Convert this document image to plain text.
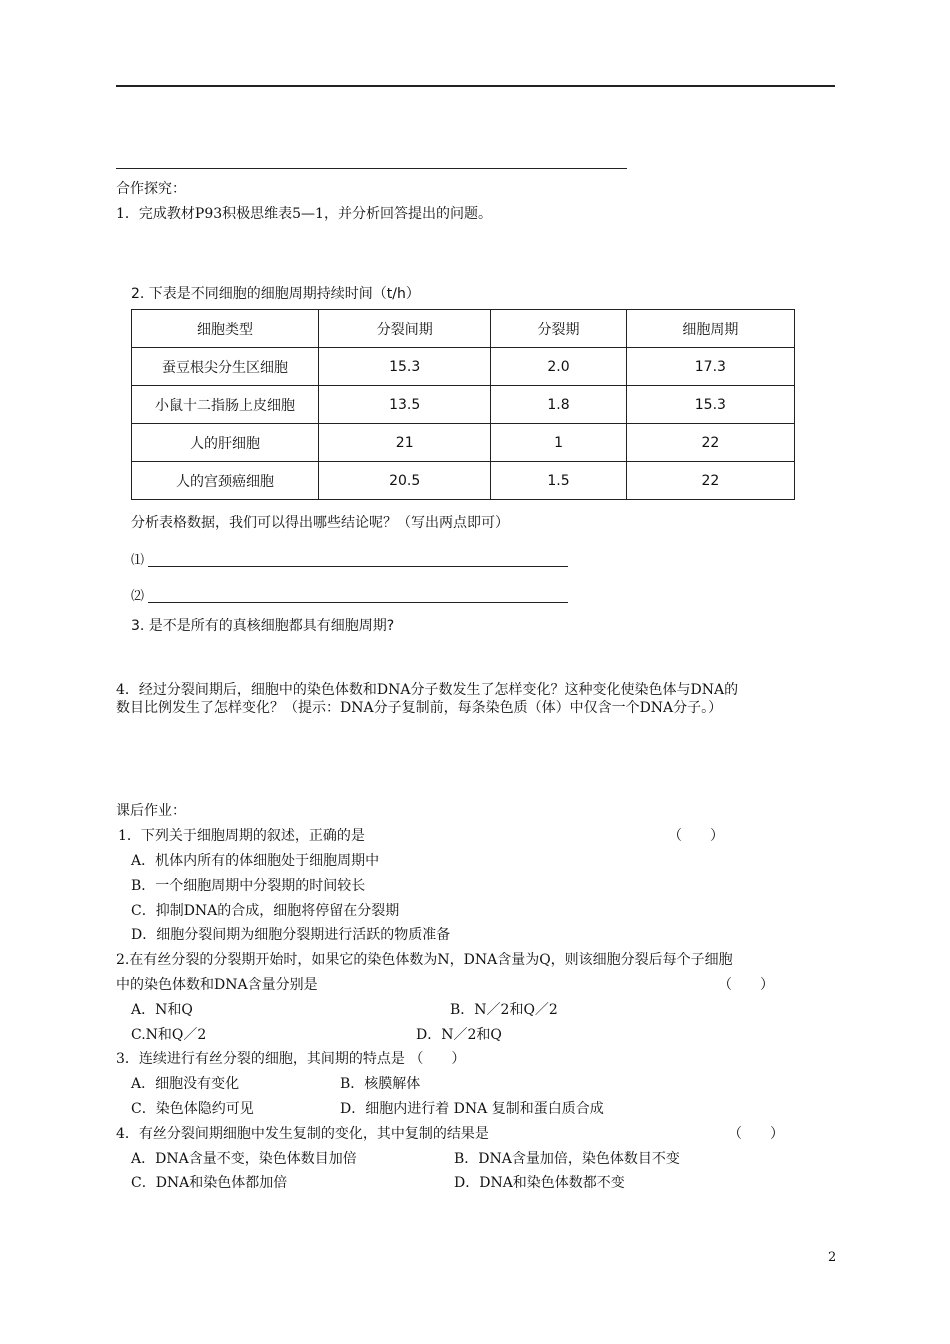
合作探究：
1．完成教材P93积极思维表5—1，并分析回答提出的问题。
2. 下表是不同细胞的细胞周期持续时间（t/h）
细胞类型	分裂间期	分裂期	细胞周期
蚕豆根尖分生区细胞	15.3	2.0	17.3
小鼠十二指肠上皮细胞	13.5	1.8	15.3
人的肝细胞	21	1	22
人的宫颈癌细胞	20.5	1.5	22
分析表格数据，我们可以得出哪些结论呢？（写出两点即可）
⑴
⑵
3. 是不是所有的真核细胞都具有细胞周期?
4．经过分裂间期后，细胞中的染色体数和DNA分子数发生了怎样变化？这种变化使染色体与DNA的
数目比例发生了怎样变化？（提示：DNA分子复制前，每条染色质（体）中仅含一个DNA分子。）
课后作业：
1．下列关于细胞周期的叙述，正确的是	（　　）
A．机体内所有的体细胞处于细胞周期中
B．一个细胞周期中分裂期的时间较长
C．抑制DNA的合成，细胞将停留在分裂期
D．细胞分裂间期为细胞分裂期进行活跃的物质准备
2.在有丝分裂的分裂期开始时，如果它的染色体数为N，DNA含量为Q，则该细胞分裂后每个子细胞
中的染色体数和DNA含量分别是	（　　）
A．N和Q	B．N／2和Q／2
C.N和Q／2	D．N／2和Q
3．连续进行有丝分裂的细胞，其间期的特点是 （　　）
A．细胞没有变化	B．核膜解体
C．染色体隐约可见	D．细胞内进行着 DNA 复制和蛋白质合成
4．有丝分裂间期细胞中发生复制的变化，其中复制的结果是	（　　）
A．DNA含量不变，染色体数目加倍	B．DNA含量加倍，染色体数目不变
C．DNA和染色体都加倍	D．DNA和染色体数都不变
2
